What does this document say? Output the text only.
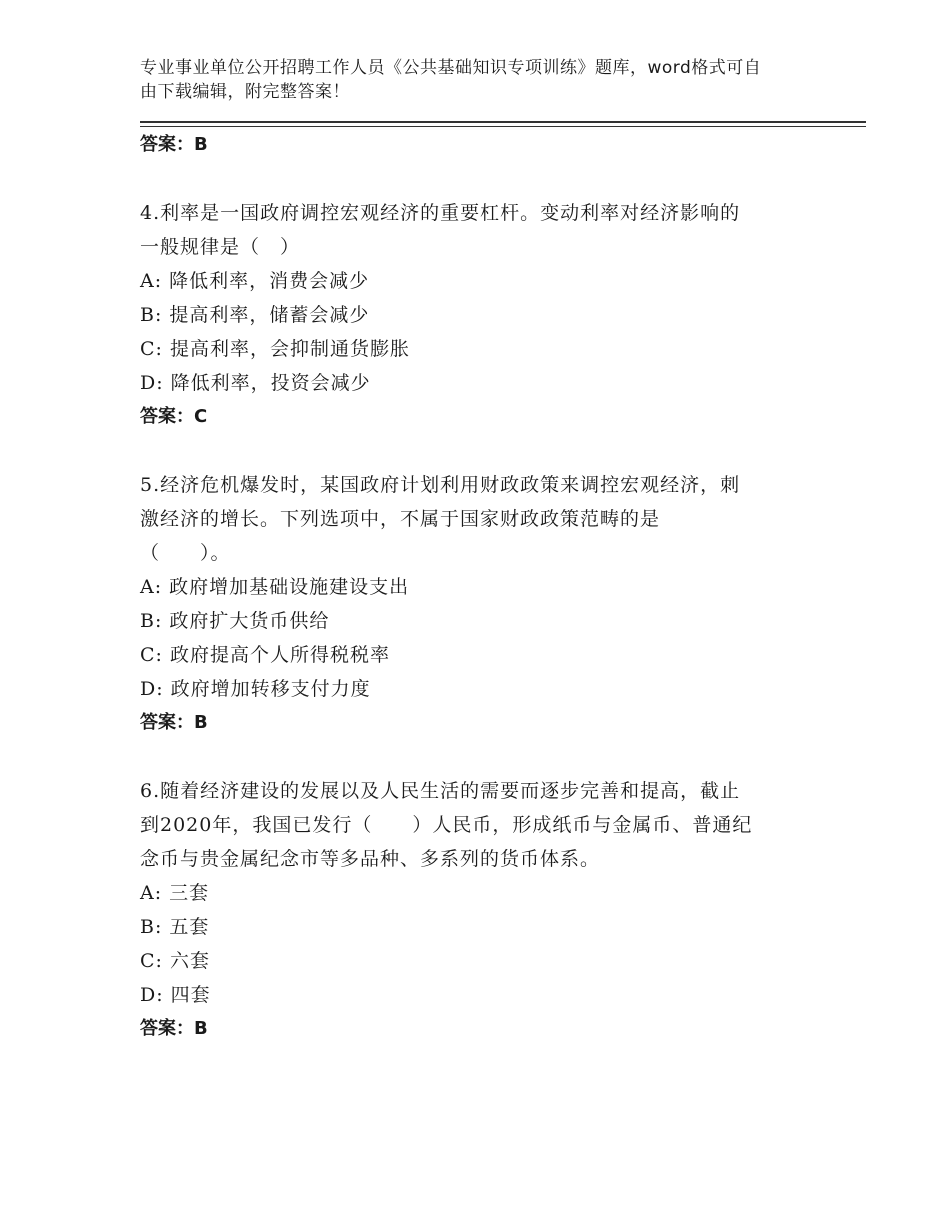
专业事业单位公开招聘工作人员《公共基础知识专项训练》题库，word格式可自
由下载编辑，附完整答案！
答案：B
4.利率是一国政府调控宏观经济的重要杠杆。变动利率对经济影响的
一般规律是（　）
A: 降低利率，消费会减少
B: 提高利率，储蓄会减少
C: 提高利率，会抑制通货膨胀
D: 降低利率，投资会减少
答案：C
5.经济危机爆发时，某国政府计划利用财政政策来调控宏观经济，刺
激经济的增长。下列选项中，不属于国家财政政策范畴的是
（　　）。
A: 政府增加基础设施建设支出
B: 政府扩大货币供给
C: 政府提高个人所得税税率
D: 政府增加转移支付力度
答案：B
6.随着经济建设的发展以及人民生活的需要而逐步完善和提高，截止
到2020年，我国已发行（　　）人民币，形成纸币与金属币、普通纪
念币与贵金属纪念市等多品种、多系列的货币体系。
A: 三套
B: 五套
C: 六套
D: 四套
答案：B
